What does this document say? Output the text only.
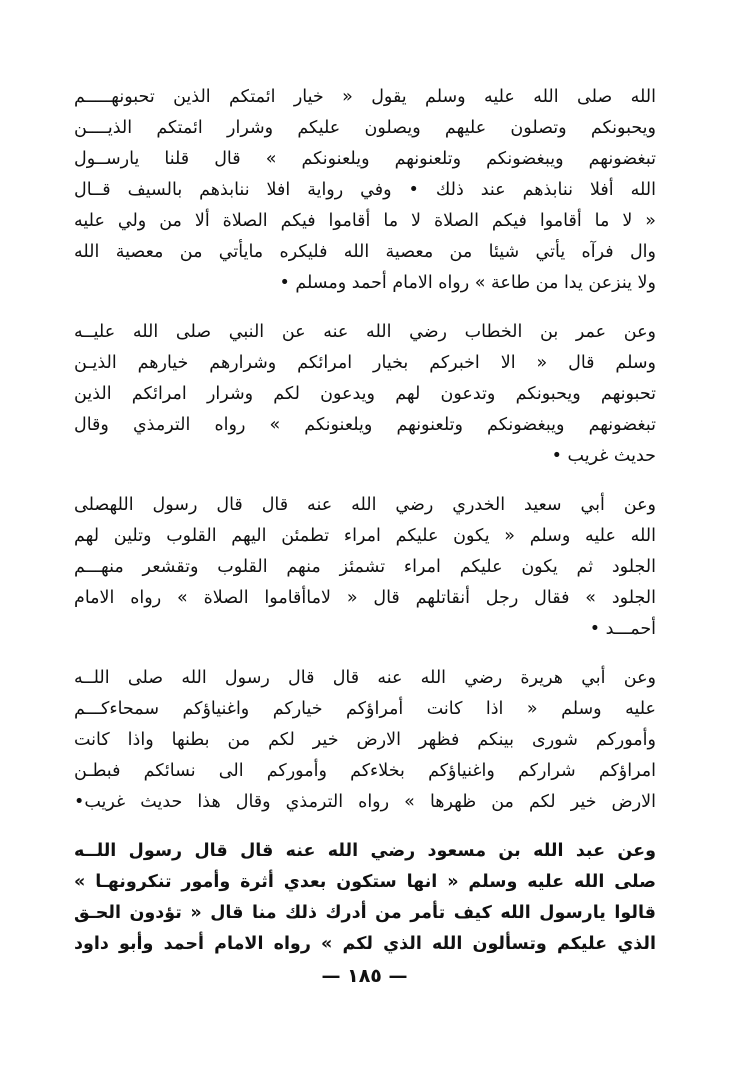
الله صلى الله عليه وسلم يقول « خيار ائمتكم الذين تحبونهـــــم
ويحبونكم وتصلون عليهم ويصلون عليكم وشرار ائمتكم الذيــــن
تبغضونهم ويبغضونكم وتلعنونهم ويلعنونكم » قال قلنا يارســول
الله أفلا ننابذهم عند ذلك • وفي رواية افلا ننابذهم بالسيف قــال
« لا ما أقاموا فيكم الصلاة لا ما أقاموا فيكم الصلاة ألا من ولي عليه
وال فرآه يأتي شيئا من معصية الله فليكره مايأتي من معصية الله
ولا ينزعن يدا من طاعة » رواه الامام أحمد ومسلم •

وعن عمر بن الخطاب رضي الله عنه عن النبي صلى الله عليــه
وسلم قال « الا اخبركم بخيار امرائكم وشرارهم خيارهم الذيـن
تحبونهم ويحبونكم وتدعون لهم ويدعون لكم وشرار امرائكم الذين
تبغضونهم ويبغضونكم وتلعنونهم ويلعنونكم » رواه الترمذي وقال
حديث غريب •

وعن أبي سعيد الخدري رضي الله عنه قال قال رسول اللهصلى
الله عليه وسلم « يكون عليكم امراء تطمئن اليهم القلوب وتلين لهم
الجلود ثم يكون عليكم امراء تشمئز منهم القلوب وتقشعر منهـــم
الجلود » فقال رجل أنقاتلهم قال « لاماأقاموا الصلاة » رواه الامام
أحمـــد •

وعن أبي هريرة رضي الله عنه قال قال رسول الله صلى اللــه
عليه وسلم « اذا كانت أمراؤكم خياركم واغنياؤكم سمحاءكـــم
وأموركم شورى بينكم فظهر الارض خير لكم من بطنها واذا كانت
امراؤكم شراركم واغنياؤكم بخلاءكم وأموركم الى نسائكم فبطـن
الارض خير لكم من ظهرها » رواه الترمذي وقال هذا حديث غريب•

وعن عبد الله بن مسعود رضي الله عنه قال قال رسول اللــه
صلى الله عليه وسلم « انها ستكون بعدي أثرة وأمور تنكرونهـا »
قالوا يارسول الله كيف تأمر من أدرك ذلك منا قال « تؤدون الحـق
الذي عليكم وتسألون الله الذي لكم » رواه الامام أحمد وأبو داود

— ١٨٥ —
